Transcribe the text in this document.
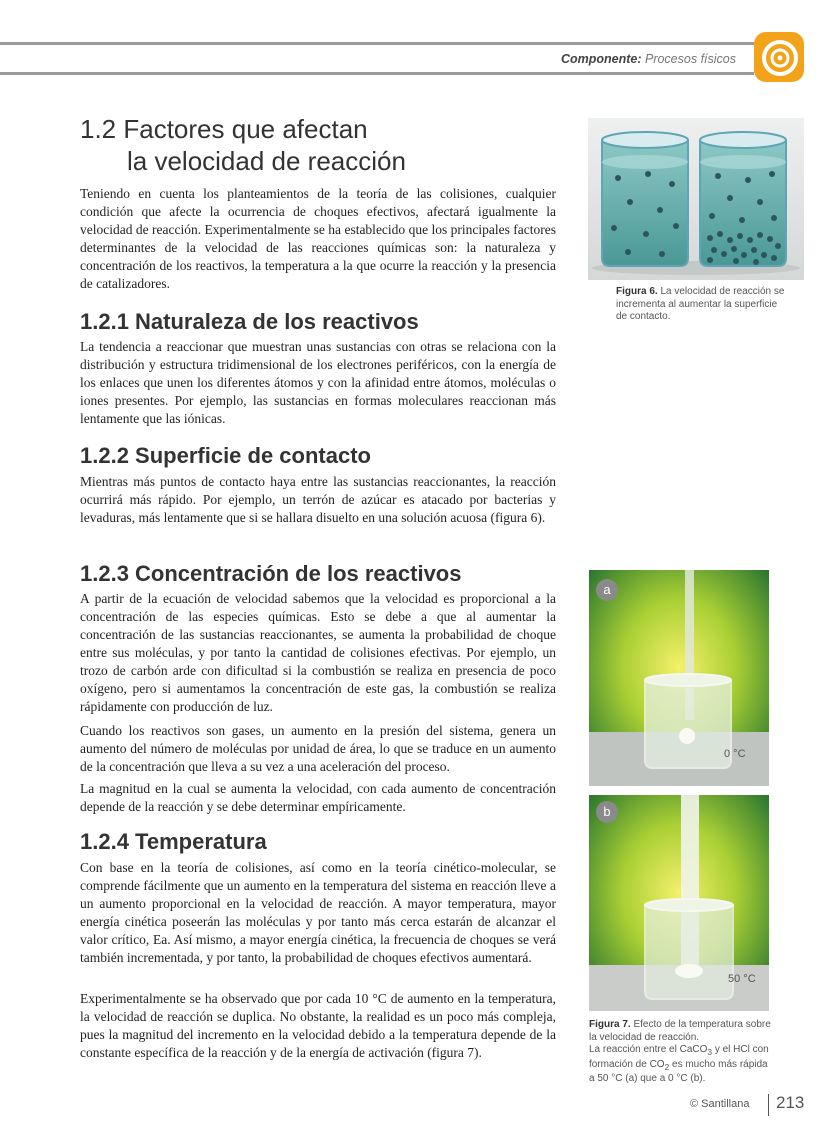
Componente: Procesos físicos
1.2 Factores que afectan
la velocidad de reacción

Teniendo en cuenta los planteamientos de la teoría de las colisiones, cualquier condición que afecte la ocurrencia de choques efectivos, afectará igualmente la velocidad de reacción. Experimentalmente se ha establecido que los principales factores determinantes de la velocidad de las reacciones químicas son: la naturaleza y concentración de los reactivos, la temperatura a la que ocurre la reacción y la presencia de catalizadores.

1.2.1 Naturaleza de los reactivos

La tendencia a reaccionar que muestran unas sustancias con otras se relaciona con la distribución y estructura tridimensional de los electrones periféricos, con la energía de los enlaces que unen los diferentes átomos y con la afinidad entre átomos, moléculas o iones presentes. Por ejemplo, las sustancias en formas moleculares reaccionan más lentamente que las iónicas.

1.2.2 Superficie de contacto

Mientras más puntos de contacto haya entre las sustancias reaccionantes, la reacción ocurrirá más rápido. Por ejemplo, un terrón de azúcar es atacado por bacterias y levaduras, más lentamente que si se hallara disuelto en una solución acuosa (figura 6).

1.2.3 Concentración de los reactivos

A partir de la ecuación de velocidad sabemos que la velocidad es proporcional a la concentración de las especies químicas. Esto se debe a que al aumentar la concentración de las sustancias reaccionantes, se aumenta la probabilidad de choque entre sus moléculas, y por tanto la cantidad de colisiones efectivas. Por ejemplo, un trozo de carbón arde con dificultad si la combustión se realiza en presencia de poco oxígeno, pero si aumentamos la concentración de este gas, la combustión se realiza rápidamente con producción de luz.

Cuando los reactivos son gases, un aumento en la presión del sistema, genera un aumento del número de moléculas por unidad de área, lo que se traduce en un aumento de la concentración que lleva a su vez a una aceleración del proceso.

La magnitud en la cual se aumenta la velocidad, con cada aumento de concentración depende de la reacción y se debe determinar empíricamente.

1.2.4 Temperatura

Con base en la teoría de colisiones, así como en la teoría cinético-molecular, se comprende fácilmente que un aumento en la temperatura del sistema en reacción lleve a un aumento proporcional en la velocidad de reacción. A mayor temperatura, mayor energía cinética poseerán las moléculas y por tanto más cerca estarán de alcanzar el valor crítico, Ea. Así mismo, a mayor energía cinética, la frecuencia de choques se verá también incrementada, y por tanto, la probabilidad de choques efectivos aumentará.

Experimentalmente se ha observado que por cada 10 °C de aumento en la temperatura, la velocidad de reacción se duplica. No obstante, la realidad es un poco más compleja, pues la magnitud del incremento en la velocidad debido a la temperatura depende de la constante específica de la reacción y de la energía de activación (figura 7).

Figura 6. La velocidad de reacción se incrementa al aumentar la superficie de contacto.

a
0 °C
b
50 °C

Figura 7. Efecto de la temperatura sobre la velocidad de reacción.
La reacción entre el CaCO$_3$ y el HCl con formación de $CO_2$ es mucho más rápida a 50 °C (a) que a 0 °C (b).

© Santillana 213
